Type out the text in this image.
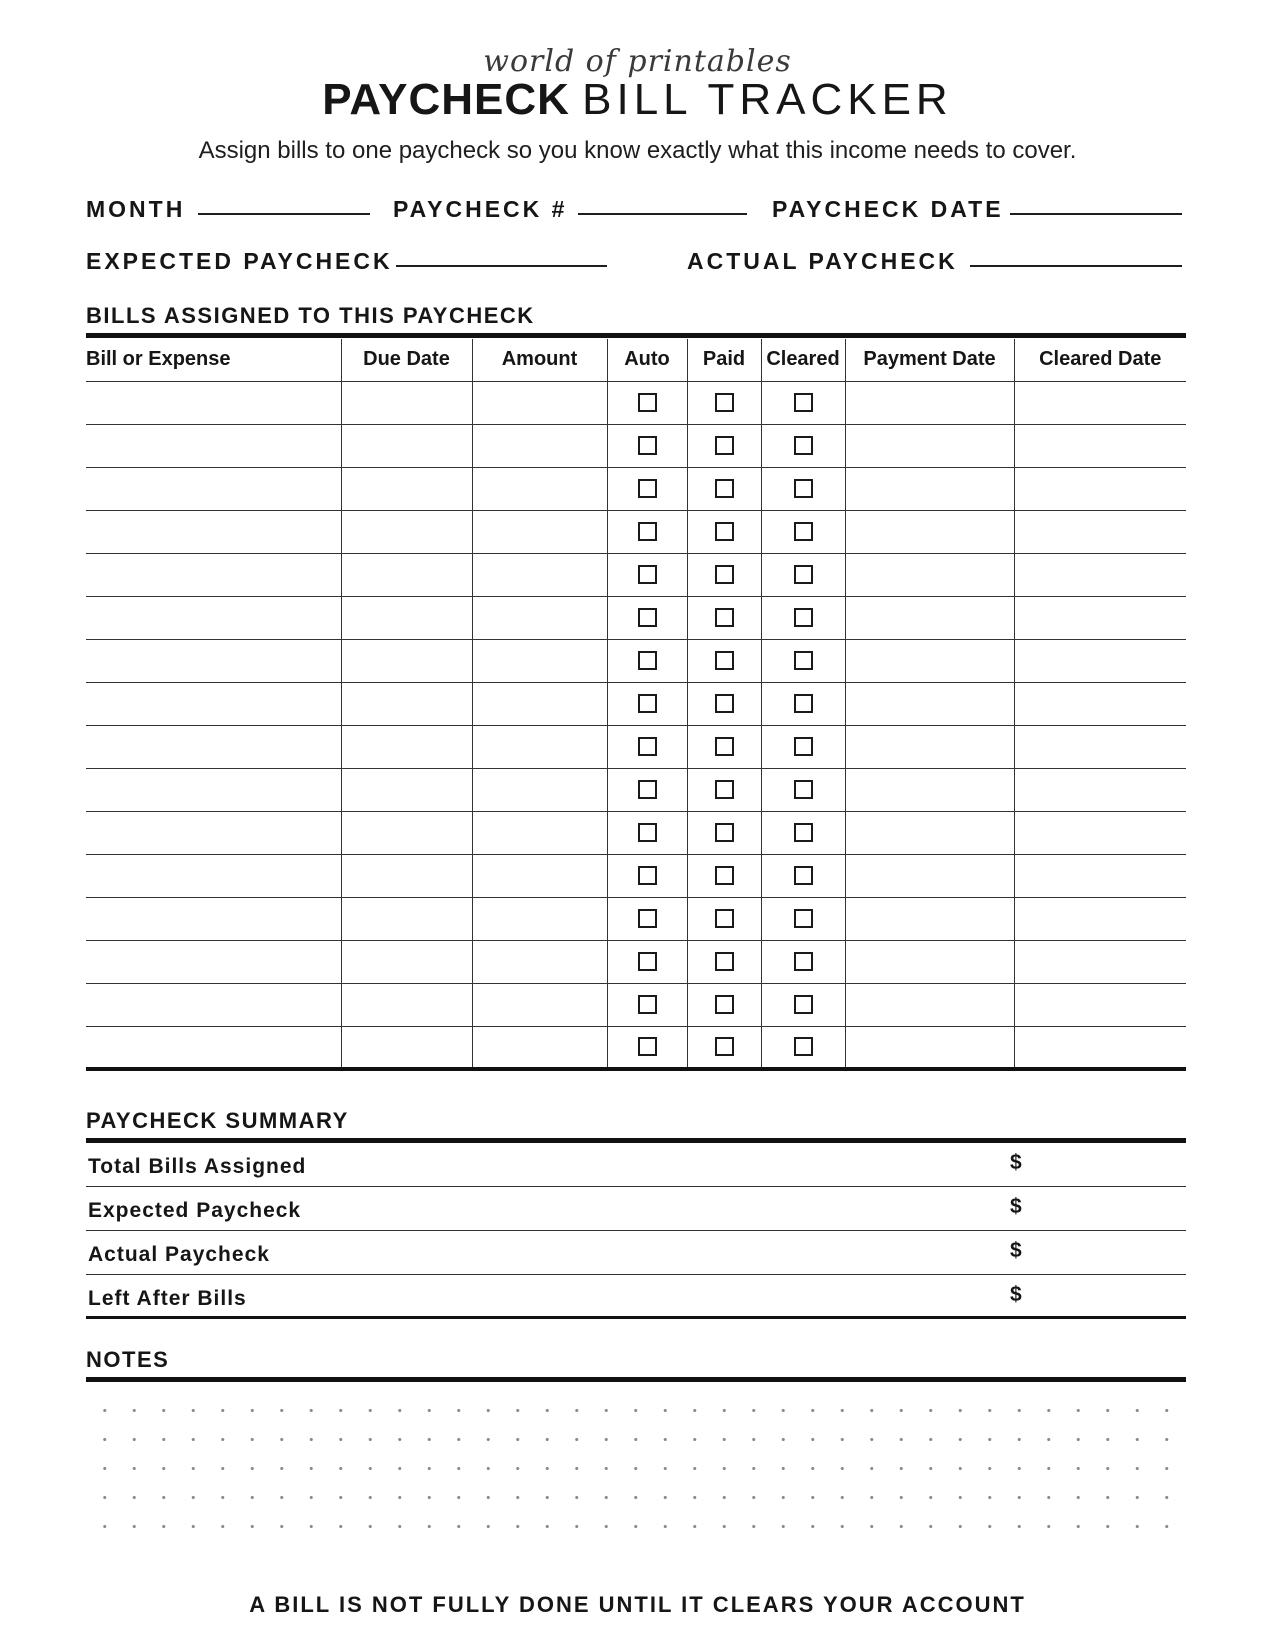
world of printables
PAYCHECK BILL TRACKER
Assign bills to one paycheck so you know exactly what this income needs to cover.
MONTH	PAYCHECK #	PAYCHECK DATE
EXPECTED PAYCHECK	ACTUAL PAYCHECK
BILLS ASSIGNED TO THIS PAYCHECK
Bill or Expense	Due Date	Amount	Auto	Paid	Cleared	Payment Date	Cleared Date

PAYCHECK SUMMARY
Total Bills Assigned	$
Expected Paycheck	$
Actual Paycheck	$
Left After Bills	$
NOTES
A BILL IS NOT FULLY DONE UNTIL IT CLEARS YOUR ACCOUNT
